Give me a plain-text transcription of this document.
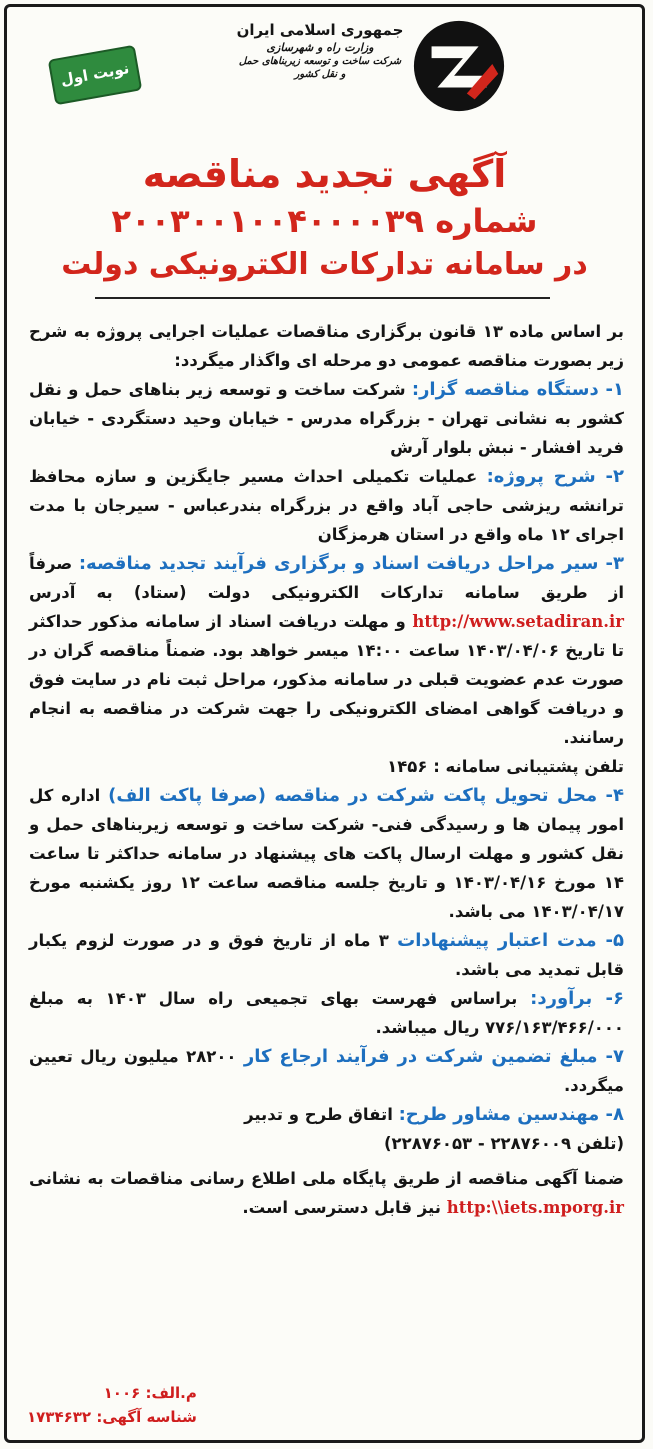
جمهوری اسلامی ایران
وزارت راه و شهرسازی
شرکت ساخت و توسعه زیربناهای حمل و نقل کشور
نوبت اول
آگهی تجدید مناقصه
شماره ۲۰۰۳۰۰۱۰۰۴۰۰۰۰۳۹
در سامانه تدارکات الکترونیکی دولت

بر اساس ماده ۱۳ قانون برگزاری مناقصات عملیات اجرایی پروژه به شرح زیر بصورت مناقصه عمومی دو مرحله ای واگذار میگردد:

۱- دستگاه مناقصه گزار: شرکت ساخت و توسعه زیر بناهای حمل و نقل کشور به نشانی تهران - بزرگراه مدرس - خیابان وحید دستگردی - خیابان فرید افشار - نبش بلوار آرش

۲- شرح پروژه: عملیات تکمیلی احداث مسیر جایگزین و سازه محافظ ترانشه ریزشی حاجی آباد واقع در بزرگراه بندرعباس - سیرجان با مدت اجرای ۱۲ ماه واقع در استان هرمزگان

۳- سیر مراحل دریافت اسناد و برگزاری فرآیند تجدید مناقصه: صرفاً از طریق سامانه تدارکات الکترونیکی دولت (ستاد) به آدرس http://www.setadiran.ir و مهلت دریافت اسناد از سامانه مذکور حداکثر تا تاریخ ۱۴۰۳/۰۴/۰۶ ساعت ۱۴:۰۰ میسر خواهد بود. ضمناً مناقصه گران در صورت عدم عضویت قبلی در سامانه مذکور، مراحل ثبت نام در سایت فوق و دریافت گواهی امضای الکترونیکی را جهت شرکت در مناقصه به انجام رسانند.

تلفن پشتیبانی سامانه : ۱۴۵۶

۴- محل تحویل پاکت شرکت در مناقصه (صرفا پاکت الف) اداره کل امور پیمان ها و رسیدگی فنی- شرکت ساخت و توسعه زیربناهای حمل و نقل کشور و مهلت ارسال پاکت های پیشنهاد در سامانه حداکثر تا ساعت ۱۴ مورخ ۱۴۰۳/۰۴/۱۶ و تاریخ جلسه مناقصه ساعت ۱۲ روز یکشنبه مورخ ۱۴۰۳/۰۴/۱۷ می باشد.

۵- مدت اعتبار پیشنهادات ۳ ماه از تاریخ فوق و در صورت لزوم یکبار قابل تمدید می باشد.

۶- برآورد: براساس فهرست بهای تجمیعی راه سال ۱۴۰۳ به مبلغ ۷۷۶/۱۶۳/۴۶۶/۰۰۰ ریال میباشد.

۷- مبلغ تضمین شرکت در فرآیند ارجاع کار ۲۸۲۰۰ میلیون ریال تعیین میگردد.

۸- مهندسین مشاور طرح: اتفاق طرح و تدبیر

(تلفن ۲۲۸۷۶۰۰۹ - ۲۲۸۷۶۰۵۳)

ضمنا آگهی مناقصه از طریق پایگاه ملی اطلاع رسانی مناقصات به نشانی http:\\iets.mporg.ir نیز قابل دسترسی است.

م.الف: ۱۰۰۶
شناسه آگهی: ۱۷۳۴۶۳۲
